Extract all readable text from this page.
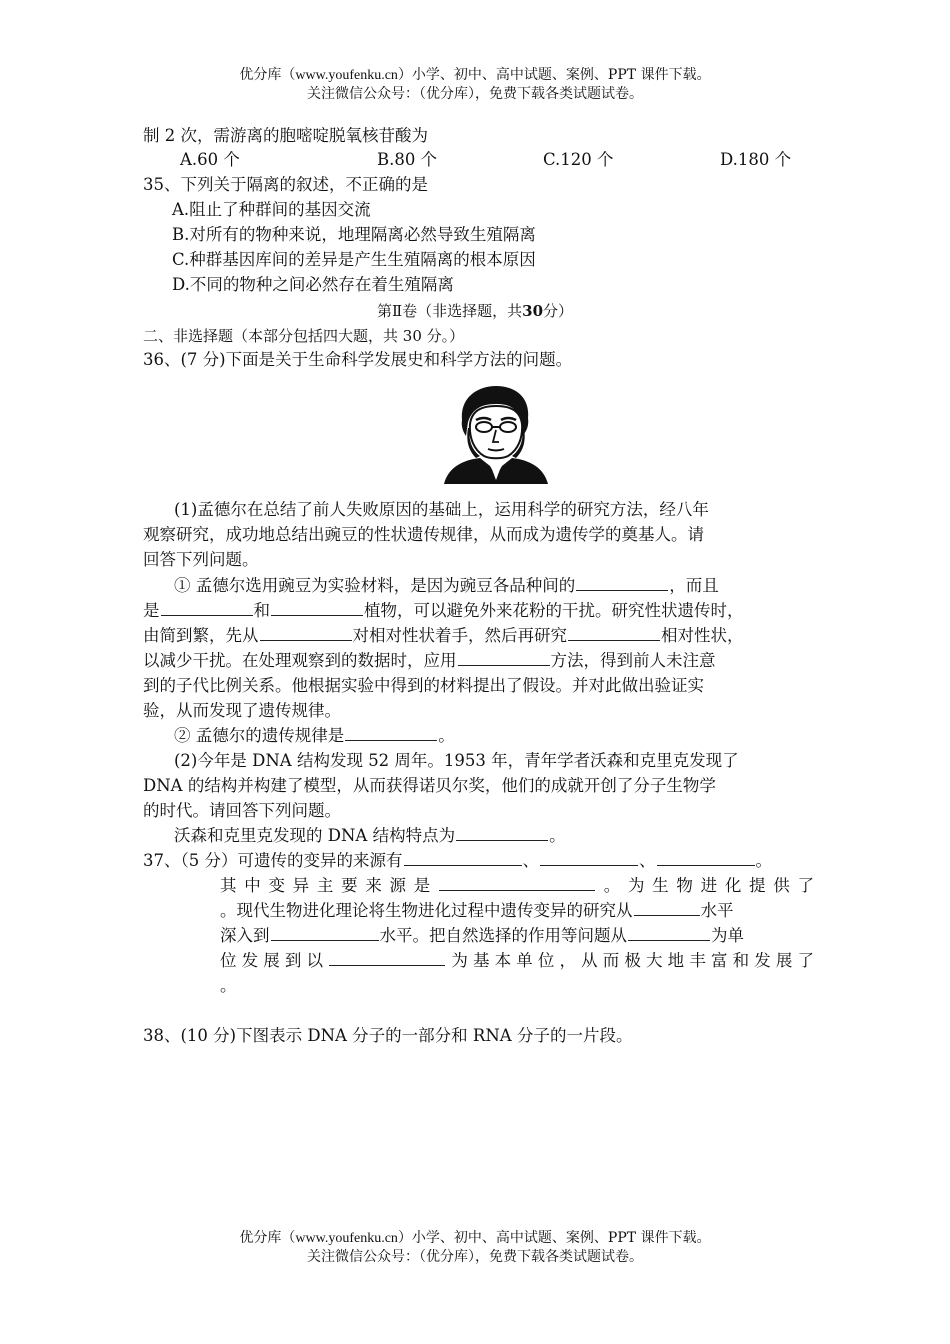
优分库（www.youfenku.cn）小学、初中、高中试题、案例、PPT 课件下载。
关注微信公众号：（优分库），免费下载各类试题试卷。
制 2 次，需游离的胞嘧啶脱氧核苷酸为
A.60 个	B.80 个	C.120 个	D.180 个
35、下列关于隔离的叙述，不正确的是
A.阻止了种群间的基因交流
B.对所有的物种来说，地理隔离必然导致生殖隔离
C.种群基因库间的差异是产生生殖隔离的根本原因
D.不同的物种之间必然存在着生殖隔离
第Ⅱ卷（非选择题，共30分）
二、非选择题（本部分包括四大题，共 30 分。）
36、(7 分)下面是关于生命科学发展史和科学方法的问题。
(1)孟德尔在总结了前人失败原因的基础上，运用科学的研究方法，经八年
观察研究，成功地总结出豌豆的性状遗传规律，从而成为遗传学的奠基人。请
回答下列问题。
① 孟德尔选用豌豆为实验材料，是因为豌豆各品种间的	，而且
是	和	植物，可以避免外来花粉的干扰。研究性状遗传时，
由简到繁，先从	对相对性状着手，然后再研究	相对性状，
以减少干扰。在处理观察到的数据时，应用	方法，得到前人未注意
到的子代比例关系。他根据实验中得到的材料提出了假设。并对此做出验证实
验，从而发现了遗传规律。
② 孟德尔的遗传规律是	。
(2)今年是 DNA 结构发现 52 周年。1953 年，青年学者沃森和克里克发现了
DNA 的结构并构建了模型，从而获得诺贝尔奖，他们的成就开创了分子生物学
的时代。请回答下列问题。
沃森和克里克发现的 DNA 结构特点为	。
37、（5 分）可遗传的变异的来源有	、	、	。
其中变异主要来源是	。为生物进化提供了
。现代生物进化理论将生物进化过程中遗传变异的研究从	水平
深入到	水平。把自然选择的作用等问题从	为单
位发展到以	为基本单位，从而极大地丰富和发展了
。
38、(10 分)下图表示 DNA 分子的一部分和 RNA 分子的一片段。
优分库（www.youfenku.cn）小学、初中、高中试题、案例、PPT 课件下载。
关注微信公众号：（优分库），免费下载各类试题试卷。
